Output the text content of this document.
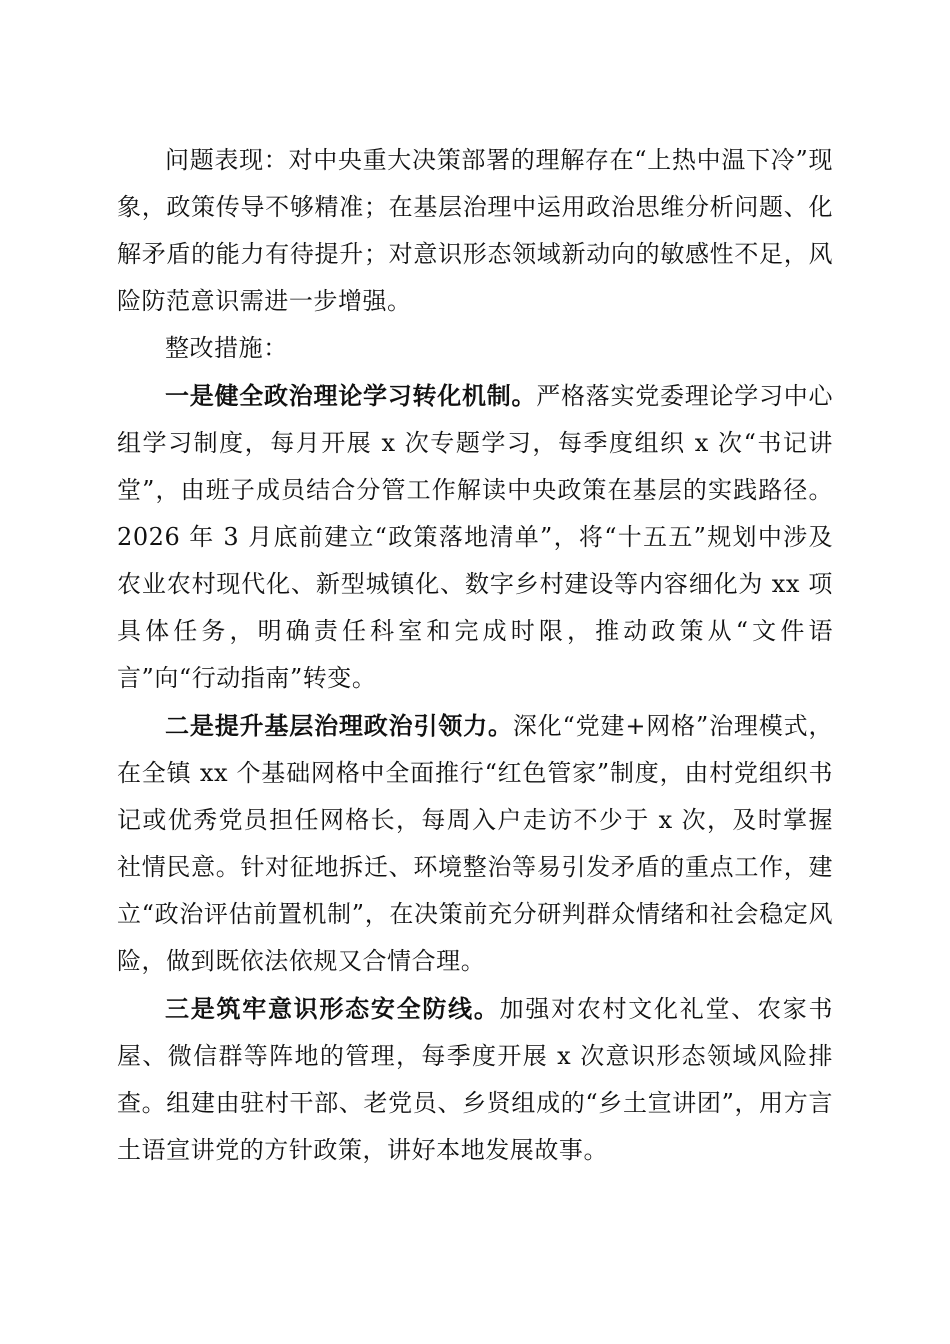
问题表现：对中央重大决策部署的理解存在“上热中温下冷”现象，政策传导不够精准；在基层治理中运用政治思维分析问题、化解矛盾的能力有待提升；对意识形态领域新动向的敏感性不足，风险防范意识需进一步增强。

整改措施：

一是健全政治理论学习转化机制。严格落实党委理论学习中心组学习制度，每月开展 x 次专题学习，每季度组织 x 次“书记讲堂”，由班子成员结合分管工作解读中央政策在基层的实践路径。2026 年 3 月底前建立“政策落地清单”，将“十五五”规划中涉及农业农村现代化、新型城镇化、数字乡村建设等内容细化为 xx 项具体任务，明确责任科室和完成时限，推动政策从“文件语言”向“行动指南”转变。

二是提升基层治理政治引领力。深化“党建+网格”治理模式，在全镇 xx 个基础网格中全面推行“红色管家”制度，由村党组织书记或优秀党员担任网格长，每周入户走访不少于 x 次，及时掌握社情民意。针对征地拆迁、环境整治等易引发矛盾的重点工作，建立“政治评估前置机制”，在决策前充分研判群众情绪和社会稳定风险，做到既依法依规又合情合理。

三是筑牢意识形态安全防线。加强对农村文化礼堂、农家书屋、微信群等阵地的管理，每季度开展 x 次意识形态领域风险排查。组建由驻村干部、老党员、乡贤组成的“乡土宣讲团”，用方言土语宣讲党的方针政策，讲好本地发展故事。
